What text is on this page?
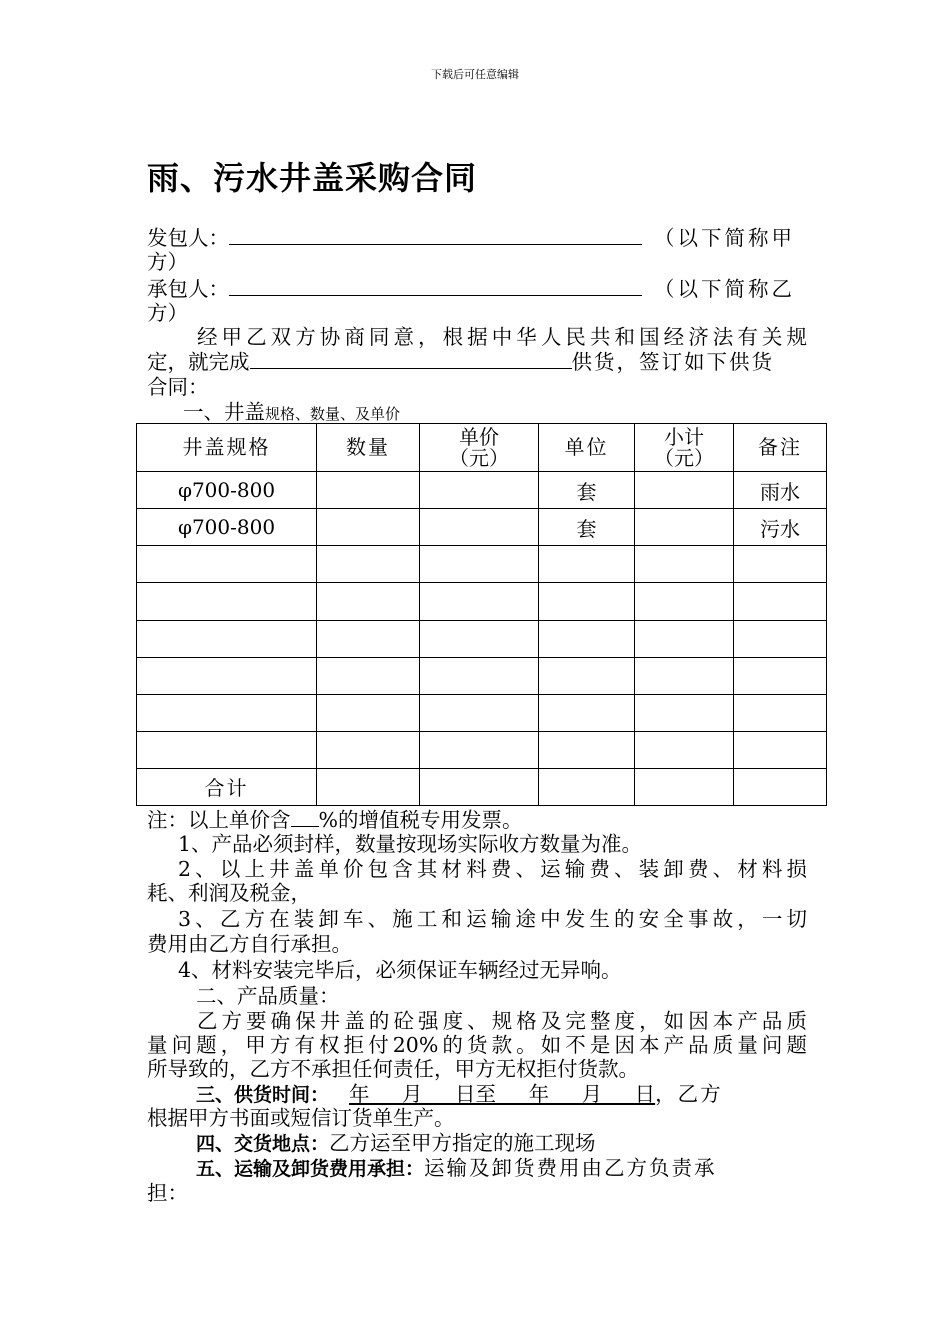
下载后可任意编辑
雨、污水井盖采购合同
发包人：	（以下简称甲
方）
承包人：	（以下简称乙
方）
经甲乙双方协商同意，根据中华人民共和国经济法有关规
定，就完成	供货，签订如下供货
合同：
一、井盖规格、数量、及单价
井盖规格	数量	单价（元）	单位	小计（元）	备注
φ700-800			套		雨水
φ700-800			套		污水

合计					
注：以上单价含 %的增值税专用发票。
1、产品必须封样，数量按现场实际收方数量为准。
2、以上井盖单价包含其材料费、运输费、装卸费、材料损
耗、利润及税金，
3、乙方在装卸车、施工和运输途中发生的安全事故，一切
费用由乙方自行承担。
4、材料安装完毕后，必须保证车辆经过无异响。
二、产品质量：
乙方要确保井盖的砼强度、规格及完整度，如因本产品质
量问题，甲方有权拒付20%的货款。如不是因本产品质量问题
所导致的，乙方不承担任何责任，甲方无权拒付货款。
三、供货时间： 年 月 日至 年 月 日，乙方
根据甲方书面或短信订货单生产。
四、交货地点：乙方运至甲方指定的施工现场
五、运输及卸货费用承担：运输及卸货费用由乙方负责承
担：
